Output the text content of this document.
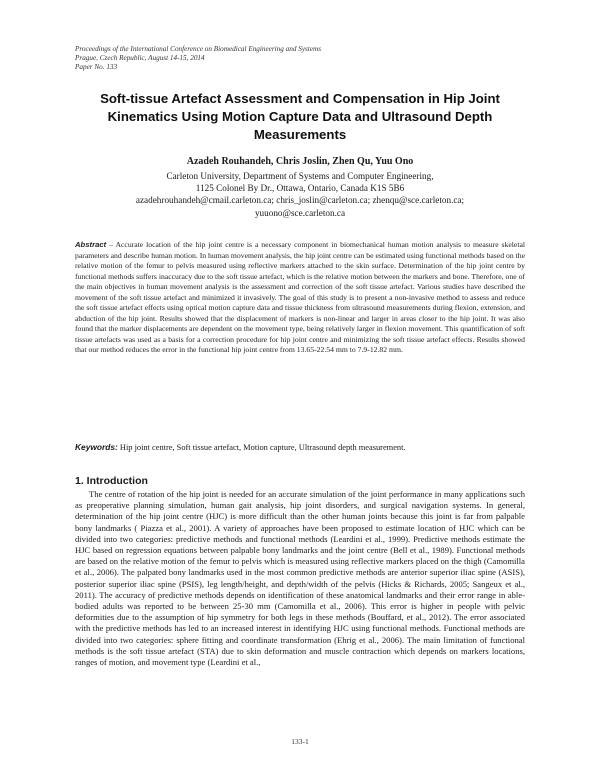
Proceedings of the International Conference on Biomedical Engineering and Systems
Prague, Czech Republic, August 14-15, 2014
Paper No. 133
Soft-tissue Artefact Assessment and Compensation in Hip Joint Kinematics Using Motion Capture Data and Ultrasound Depth Measurements
Azadeh Rouhandeh, Chris Joslin, Zhen Qu, Yuu Ono
Carleton University, Department of Systems and Computer Engineering,
1125 Colonel By Dr., Ottawa, Ontario, Canada K1S 5B6
azadehrouhandeh@cmail.carleton.ca; chris_joslin@carleton.ca; zhenqu@sce.carleton.ca;
yuuono@sce.carleton.ca
Abstract – Accurate location of the hip joint centre is a necessary component in biomechanical human motion analysis to measure skeletal parameters and describe human motion. In human movement analysis, the hip joint centre can be estimated using functional methods based on the relative motion of the femur to pelvis measured using reflective markers attached to the skin surface. Determination of the hip joint centre by functional methods suffers inaccuracy due to the soft tissue artefact, which is the relative motion between the markers and bone. Therefore, one of the main objectives in human movement analysis is the assessment and correction of the soft tissue artefact. Various studies have described the movement of the soft tissue artefact and minimized it invasively. The goal of this study is to present a non-invasive method to assess and reduce the soft tissue artefact effects using optical motion capture data and tissue thickness from ultrasound measurements during flexion, extension, and abduction of the hip joint. Results showed that the displacement of markers is non-linear and larger in areas closer to the hip joint. It was also found that the marker displacements are dependent on the movement type, being relatively larger in flexion movement. This quantification of soft tissue artefacts was used as a basis for a correction procedure for hip joint centre and minimizing the soft tissue artefact effects. Results showed that our method reduces the error in the functional hip joint centre from 13.65-22.54 mm to 7.9-12.82 mm.
Keywords: Hip joint centre, Soft tissue artefact, Motion capture, Ultrasound depth measurement.
1. Introduction
The centre of rotation of the hip joint is needed for an accurate simulation of the joint performance in many applications such as preoperative planning simulation, human gait analysis, hip joint disorders, and surgical navigation systems. In general, determination of the hip joint centre (HJC) is more difficult than the other human joints because this joint is far from palpable bony landmarks ( Piazza et al., 2001). A variety of approaches have been proposed to estimate location of HJC which can be divided into two categories: predictive methods and functional methods (Leardini et al., 1999). Predictive methods estimate the HJC based on regression equations between palpable bony landmarks and the joint centre (Bell et al., 1989). Functional methods are based on the relative motion of the femur to pelvis which is measured using reflective markers placed on the thigh (Camomilla et al., 2006). The palpated bony landmarks used in the most common predictive methods are anterior superior iliac spine (ASIS), posterior superior iliac spine (PSIS), leg length/height, and depth/width of the pelvis (Hicks & Richards, 2005; Sangeux et al., 2011). The accuracy of predictive methods depends on identification of these anatomical landmarks and their error range in able-bodied adults was reported to be between 25-30 mm (Camomilla et al., 2006). This error is higher in people with pelvic deformities due to the assumption of hip symmetry for both legs in these methods (Bouffard, et al., 2012). The error associated with the predictive methods has led to an increased interest in identifying HJC using functional methods. Functional methods are divided into two categories: sphere fitting and coordinate transformation (Ehrig et al., 2006). The main limitation of functional methods is the soft tissue artefact (STA) due to skin deformation and muscle contraction which depends on markers locations, ranges of motion, and movement type (Leardini et al.,
133-1
